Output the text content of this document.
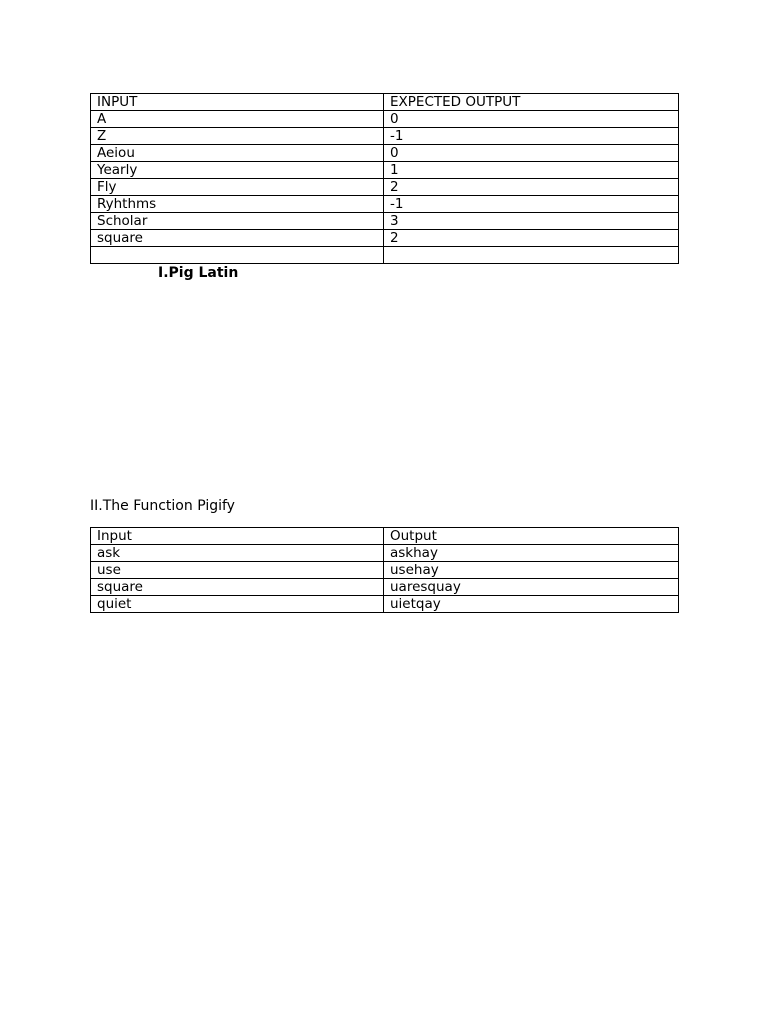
INPUT	EXPECTED OUTPUT
A	0
Z	-1
Aeiou	0
Yearly	1
Fly	2
Ryhthms	-1
Scholar	3
square	2

I.Pig Latin
II.The Function Pigify
Input	Output
ask	askhay
use	usehay
square	uaresquay
quiet	uietqay
